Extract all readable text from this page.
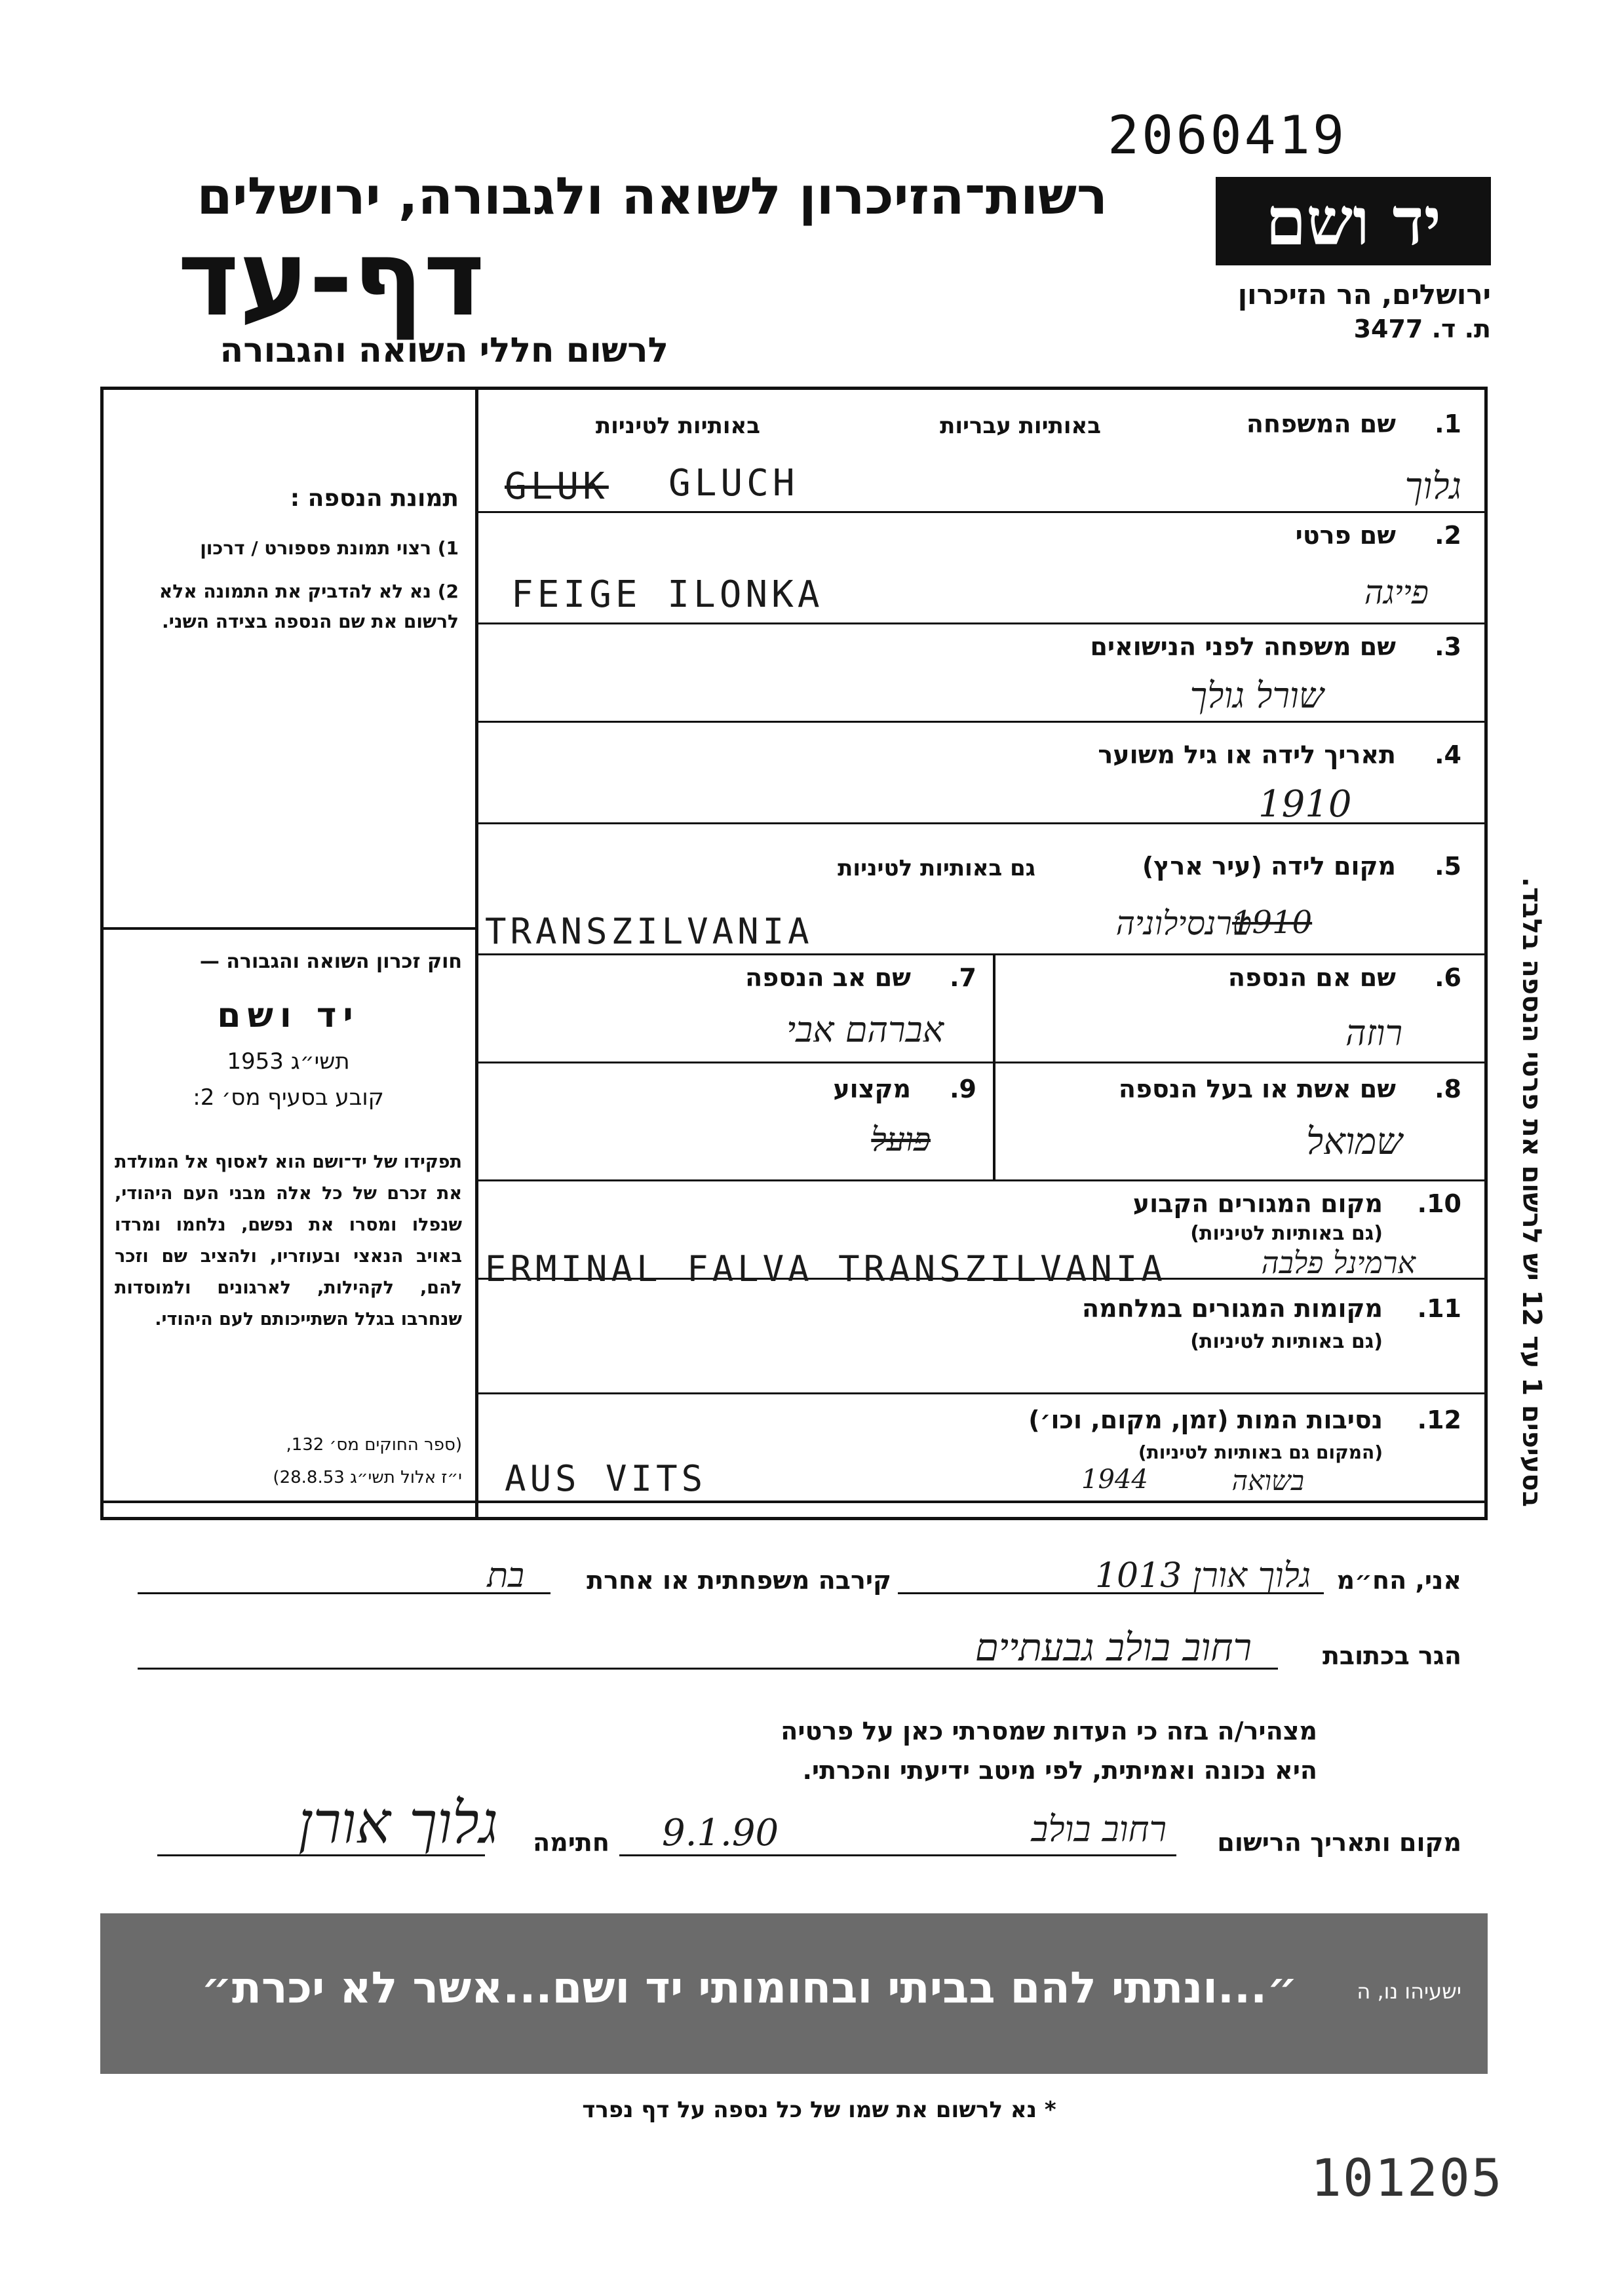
2060419
יד ושם
ירושלים, הר הזיכרון
ת. ד. 3477
רשות־הזיכרון לשואה ולגבורה, ירושלים
דף-עד
לרשום חללי השואה והגבורה
בסעיפים 1 עד 12 יש לרשום את פרטי הנספה בלבד.
תמונת הנספה :
1) רצוי תמונת פספורט / דרכון
2) נא לא להדביק את התמונה אלא לרשום את שם הנספה בצידה השני.
חוק זכרון השואה והגבורה —
יד ושם
תשי״ג 1953
קובע בסעיף מס׳ 2:
תפקידו של יד־ושם הוא לאסוף אל המולדת את זכרם של כל אלה מבני העם היהודי, שנפלו ומסרו את נפשם, נלחמו ומרדו באויב הנאצי ובעוזריו, ולהציב שם וזכר להם, לקהילות, לארגונים ולמוסדות שנחרבו בגלל השתייכותם לעם היהודי.
(ספר החוקים מס׳ 132,
י״ז אלול תשי״ג 28.8.53)
1.
שם המשפחה
באותיות עבריות
באותיות לטיניות
GLUK GLUCH	גלוך
2.
שם פרטי
FEIGE ILONKA	פייגה
3.
שם משפחה לפני הנישואים
שורל גולך
4.
תאריך לידה או גיל משוער
1910
5.
מקום לידה (עיר ארץ)
גם באותיות לטיניות
TRANSZILVANIA	טרנסילוניה
1910
6.
שם אם הנספה
רוזה
7.
שם אב הנספה
אברהם אבי
8.
שם אשת או בעל הנספה
שמואל
9.
מקצוע
פועל
10.
מקום המגורים הקבוע
(גם באותיות לטיניות)
ERMINAL FALVA TRANSZILVANIA	ארמינל פלבה
11.
מקומות המגורים במלחמה
(גם באותיות לטיניות)
12.
נסיבות המות (זמן, מקום, וכו׳)
(המקום גם באותיות לטיניות)
AUS VITS	1944	בשואה
אני, הח״מ
גלוך אורן 1013
קירבה משפחתית או אחרת
בת
הגר בכתובת
רחוב בולב גבעתיים
מצהיר/ה בזה כי העדות שמסרתי כאן על פרטיה
היא נכונה ואמיתית, לפי מיטב ידיעתי והכרתי.
מקום ותאריך הרישום
רחוב בולב
9.1.90
חתימה
גלוך אורן
״...ונתתי להם בביתי ובחומותי יד ושם...אשר לא יכרת״	ישעיהו נו, ה
* נא לרשום את שמו של כל נספה על דף נפרד
101205
